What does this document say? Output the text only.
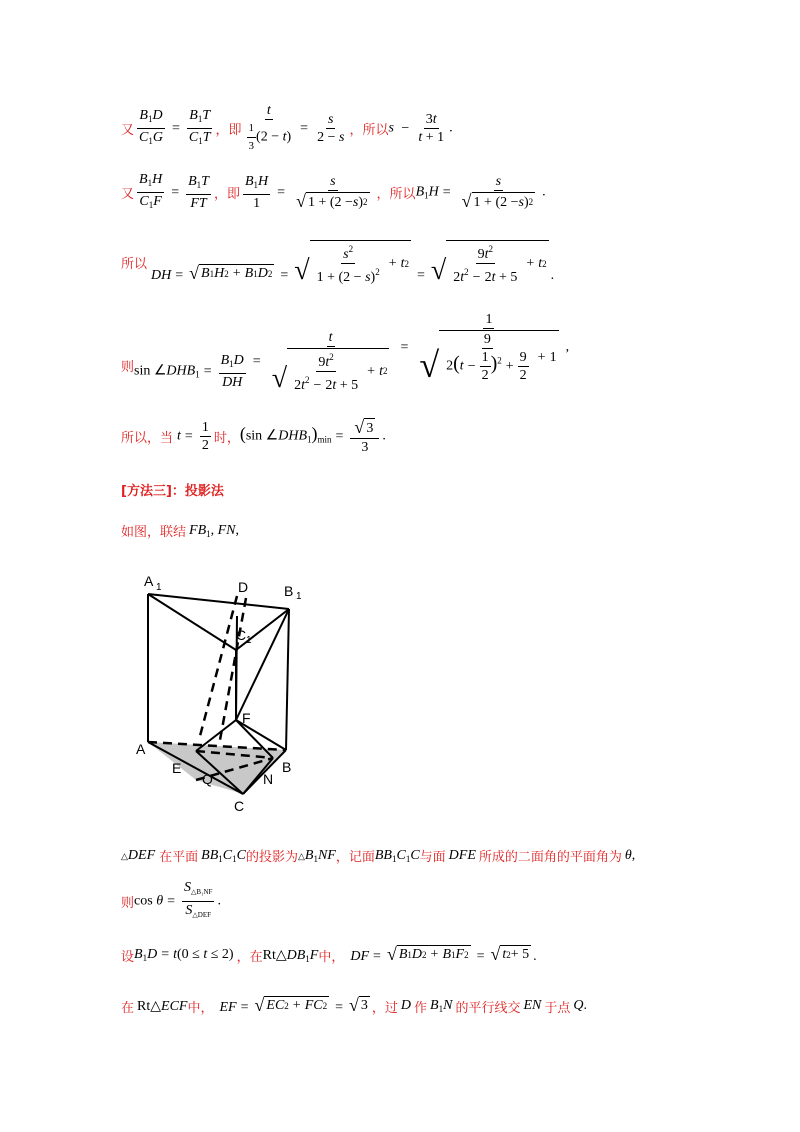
又 $\frac{B_1D}{C_1G} = \frac{B_1T}{C_1T}$ ，即 $\frac{t}{\frac{1}{3} (2 - t)} = \frac{s}{2 - s}$ ，所以 $s - \frac{3t}{t + 1}$ .
又 $\frac{B_1H}{C_1F} = \frac{B_1T}{FT}$ ，即 $\frac{B_1H}{1} = \frac{s}{√ 1 + (2 - s ) 2}$ ，所以 $B_1H = \frac{s}{√ 1 + (2 - s ) 2}$ .
所以
DH = √ B 1 H 2 + B 1 D 2 = √ $\frac{s^2}{1 + (2 - s)^2} + t$ 2
= √ $\frac{9t^2}{2t^2 - 2t + 5} + t$ 2
.
则 $\sin \angle DHB_1 = \frac{B_1D}{DH} = \frac{t}{√ \frac{9t^2}{2t^2 - 2t + 5} + t 2} = \frac{1}{√ \frac{9}{2(t - \frac{1}{2} )^2 + \frac{9}{2}} + 1}$ ,
所以，当 $t = \frac{1}{2}$ 时， (sin $\angle DHB_1)_{min} = \frac{√ 3}{3}$ .
[方法三]：投影法
如图，联结 $FB_1$, FN,
A 1	D	B 1
C 1
F
A
E
Q	N
B
C
△DEF 在平面 $BB_1C_1C$ 的投影为 $\triangle B_1NF$ ，记面 $BB_1C_1C$ 与面 DFE 所成的二面角的平面角为 θ,
则 $\cos \theta = \frac{S_{\triangle B_1NF}}{S_{\triangle DEF}}$ .
设 $B_1D = t(0 \le t \le 2)$ ，在 $Rt\triangle DB_1F$ 中， DF = √ B 1 D 2 + B 1 F 2 = √ t 2 + 5 .
在 Rt△ECF 中， EF = √ EC 2 + FC 2 = √ 3 ，过 D 作 $B_1N$ 的平行线交 EN 于点 Q.
